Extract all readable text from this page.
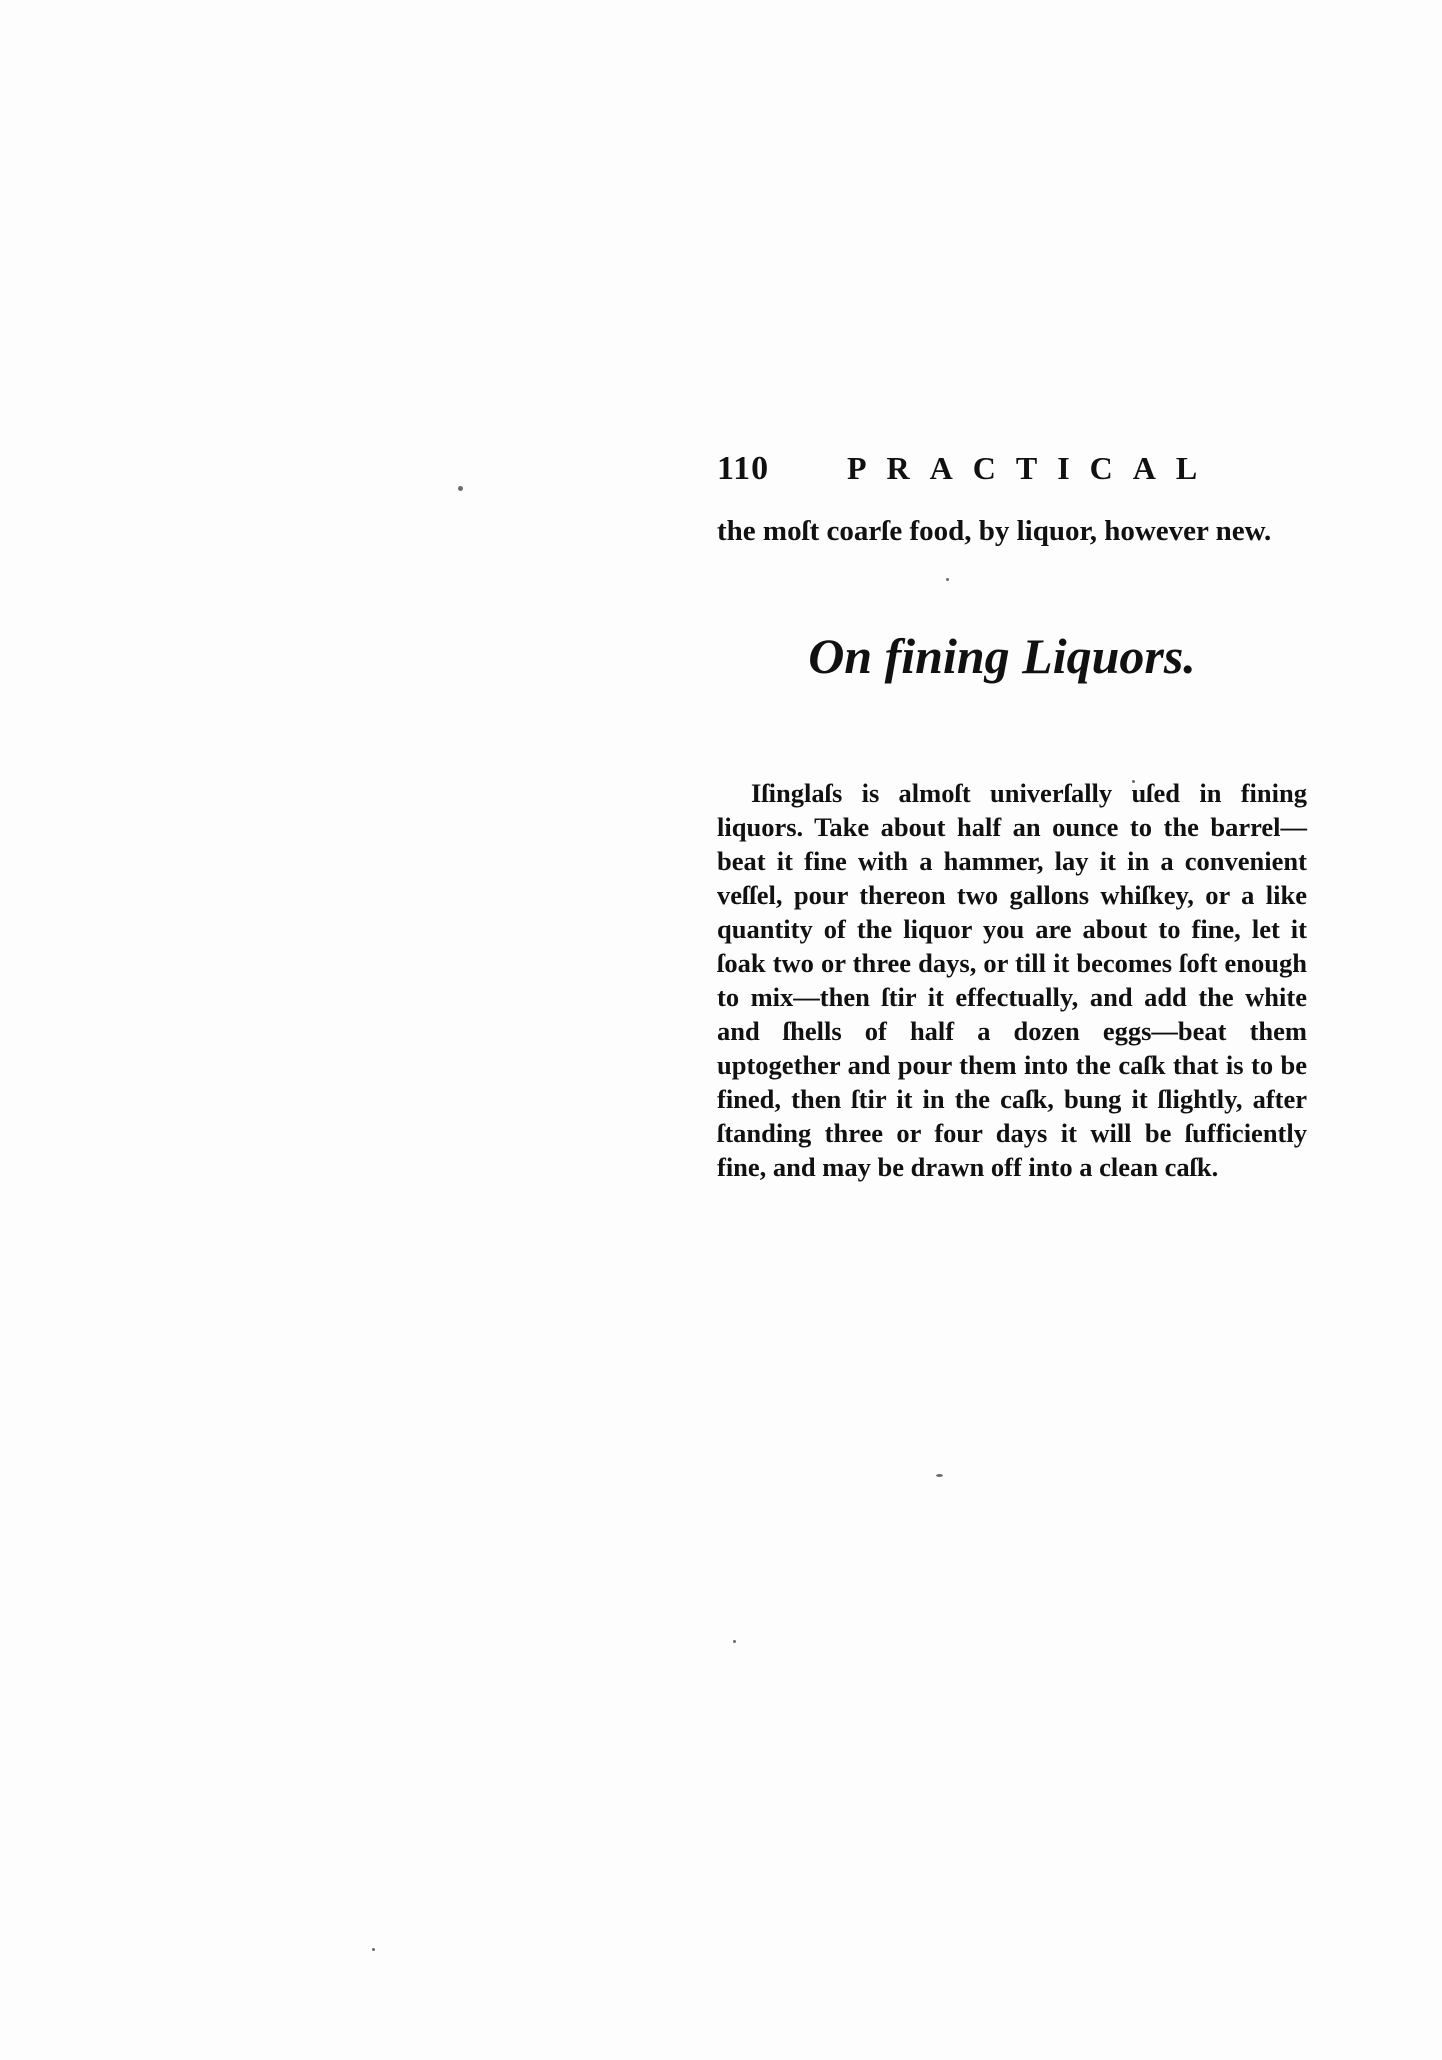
110	PRACTICAL
the moſt coarſe food, by liquor, however new.
On fining Liquors.

Iſinglaſs is almoſt univerſally uſed in fining liquors. Take about half an ounce to the barrel—beat it fine with a hammer, lay it in a convenient veſſel, pour thereon two gallons whiſkey, or a like quantity of the liquor you are about to fine, let it ſoak two or three days, or till it becomes ſoft enough to mix—then ſtir it effectually, and add the white and ſhells of half a dozen eggs—beat them uptogether and pour them into the caſk that is to be fined, then ſtir it in the caſk, bung it ſlightly, after ſtanding three or four days it will be ſufficiently fine, and may be drawn off into a clean caſk.
